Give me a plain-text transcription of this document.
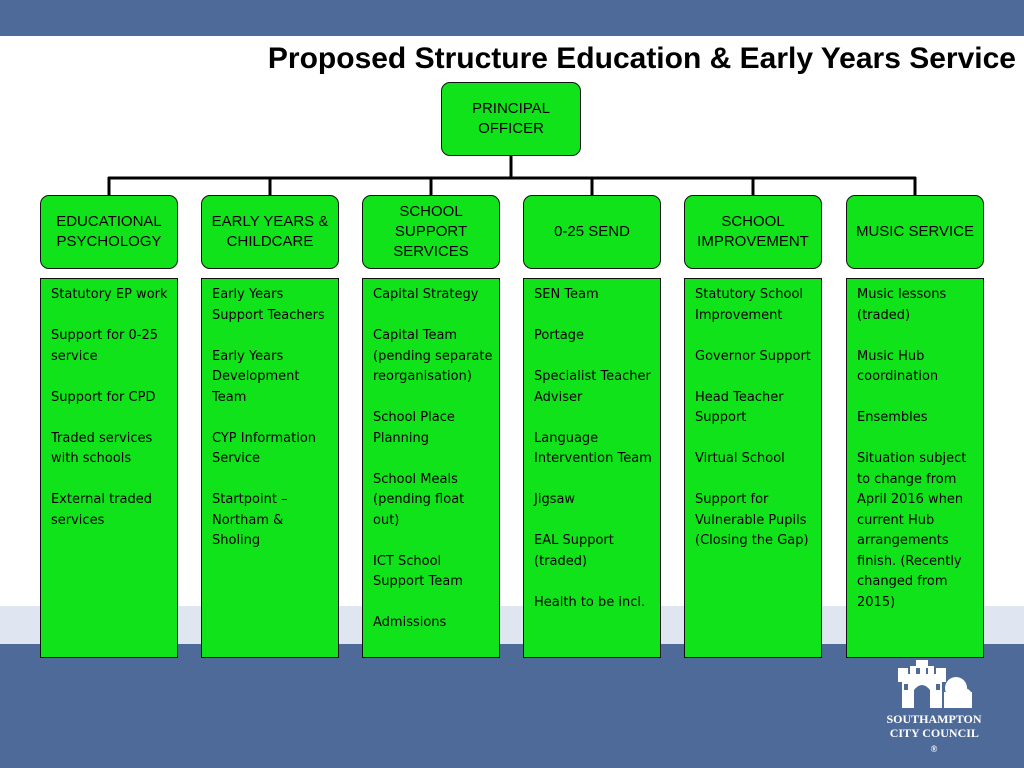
Proposed Structure Education & Early Years Service
PRINCIPAL OFFICER
EDUCATIONAL PSYCHOLOGY
EARLY YEARS & CHILDCARE
SCHOOL SUPPORT SERVICES
0-25 SEND
SCHOOL IMPROVEMENT
MUSIC SERVICE
Statutory EP work
Support for 0-25 service
Support for CPD
Traded services with schools
External traded services
Early Years Support Teachers
Early Years Development Team
CYP Information Service
Startpoint – Northam & Sholing
Capital Strategy
Capital Team (pending separate reorganisation)
School Place Planning
School Meals (pending float out)
ICT School Support Team
Admissions
SEN Team
Portage
Specialist Teacher Adviser
Language Intervention Team
Jigsaw
EAL Support (traded)
Health to be incl.
Statutory School Improvement
Governor Support
Head Teacher Support
Virtual School
Support for Vulnerable Pupils (Closing the Gap)
Music lessons (traded)
Music Hub coordination
Ensembles
Situation subject to change from April 2016 when current Hub arrangements finish. (Recently changed from 2015)
SOUTHAMPTON
CITY COUNCIL ®
